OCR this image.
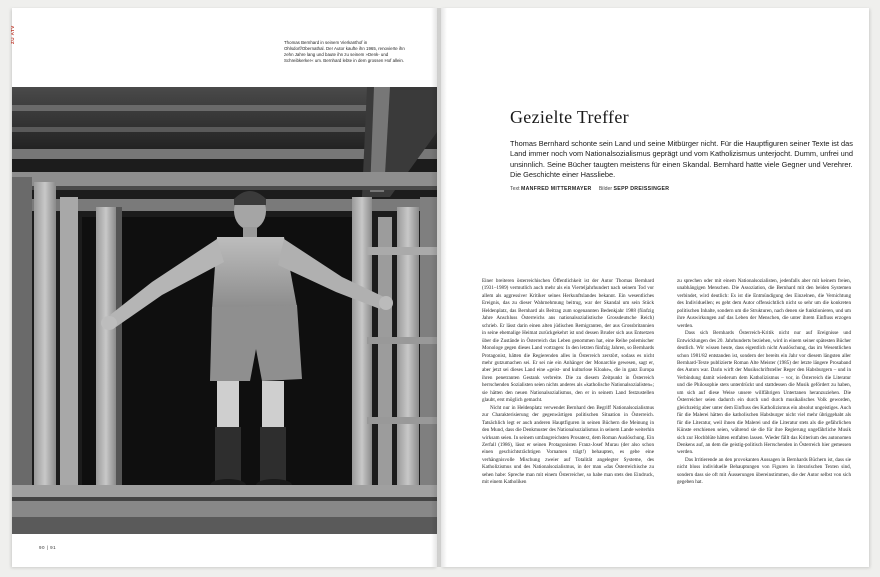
ZU ATV	Thomas Bernhard in seinem Vierkanthof in Ohlsdorf/Obernathal. Der Autor kaufte ihn 1965, renovierte ihn zehn Jahre lang und baute ihn zu seinem »Denk- und Schreibkerker« um. Bernhard lebte in dem grossen Hof allein.
90 | 91
Gezielte Treffer
Thomas Bernhard schonte sein Land und seine Mitbürger nicht. Für die Hauptfiguren seiner Texte ist das Land immer noch vom Nationalsozialismus geprägt und vom Katholizismus unterjocht. Dumm, unfrei und unsinnlich. Seine Bücher taugten meistens für einen Skandal. Bernhard hatte viele Gegner und Verehrer. Die Geschichte einer Hassliebe.
Text MANFRED MITTERMAYER Bilder SEPP DREISSINGER

Einer breiteren österreichischen Öffentlichkeit ist der Autor Thomas Bernhard (1931–1989) vermutlich auch mehr als ein Vierteljahrhundert nach seinem Tod vor allem als aggressiver Kritiker seines Herkunftslandes bekannt. Ein wesentliches Ereignis, das zu dieser Wahrnehmung beitrug, war der Skandal um sein Stück Heldenplatz, das Bernhard als Beitrag zum sogenannten Bedenkjahr 1988 (fünfzig Jahre Anschluss Österreichs ans nationalsozialistische Grossdeutsche Reich) schrieb. Er lässt darin einen alten jüdischen Remigranten, der aus Grossbritannien in seine ehemalige Heimat zurückgekehrt ist und dessen Bruder sich aus Entsetzen über die Zustände in Österreich das Leben genommen hat, eine Reihe polemischer Monologe gegen dieses Land vortragen: In den letzten fünfzig Jahren, so Bernhards Protagonist, hätten die Regierenden alles in Österreich zerstört, sodass es nicht mehr gutzumachen sei. Er sei nie ein Anhänger der Monarchie gewesen, sagt er, aber jetzt sei dieses Land eine »geist- und kulturlose Kloake«, die in ganz Europa ihren penetranten Gestank verbreite. Die zu diesem Zeitpunkt in Österreich herrschenden Sozialisten seien nichts anderes als »katholische Nationalsozialisten«; sie hätten den neuen Nationalsozialismus, den er in seinem Land festzustellen glaubt, erst möglich gemacht.

Nicht nur in Heldenplatz verwendet Bernhard den Begriff Nationalsozialismus zur Charakterisierung der gegenwärtigen politischen Situation in Österreich. Tatsächlich legt er auch anderen Hauptfiguren in seinen Büchern die Meinung in den Mund, dass die Denkmuster des Nationalsozialismus in seinem Lande weiterhin wirksam seien. In seinem umfangreichsten Prosatext, dem Roman Auslöschung. Ein Zerfall (1986), lässt er seinen Protagonisten Franz-Josef Murau (der also schon einen geschichtsträchtigen Vornamen trägt!) behaupten, es gebe eine verhängnisvolle Mischung zweier auf Totalität angelegter Systeme, des Katholizismus und des Nationalsozialismus, in der man »das Österreichische zu sehen habe: Spreche man mit einem Österreicher, so habe man stets den Eindruck, mit einem Katholiken

zu sprechen oder mit einem Nationalsozialisten, jedenfalls aber mit keinem freien, unabhängigen Menschen. Die Assoziation, die Bernhard mit den beiden Systemen verbindet, wird deutlich: Es ist die Entmündigung des Einzelnen, die Vernichtung des Individuellen; es geht dem Autor offensichtlich nicht so sehr um die konkreten politischen Inhalte, sondern um die Strukturen, nach denen sie funktionieren, und um ihre Auswirkungen auf das Leben der Menschen, die unter ihrem Einfluss erzogen werden.

Dass sich Bernhards Österreich-Kritik nicht nur auf Ereignisse und Entwicklungen des 20. Jahrhunderts beziehen, wird in einem seiner spätesten Bücher deutlich. Wir wissen heute, dass eigentlich nicht Auslöschung, das im Wesentlichen schon 1981/82 entstanden ist, sondern der bereits ein Jahr vor diesem längsten aller Bernhard-Texte publizierte Roman Alte Meister (1985) der letzte längere Prosaband des Autors war. Darin wirft der Musikschriftsteller Reger den Habsburgern – und in Verbindung damit wiederum dem Katholizismus – vor, in Österreich die Literatur und die Philosophie stets unterdrückt und stattdessen die Musik gefördert zu haben, um sich auf diese Weise unsere willfährigen Untertanen heranzuziehen. Die Österreicher seien dadurch ein durch und durch musikalisches Volk geworden, gleichzeitig aber unter dem Einfluss des Katholizismus ein absolut ungeistiges. Auch für die Malerei hätten die katholischen Habsburger nicht viel mehr übriggehabt als für die Literatur, weil ihnen die Malerei und die Literatur stets als die gefährlichen Künste erschienen seien, während sie die für ihre Regierung ungefährliche Musik sich zur Hochblüte hätten entfalten lassen. Wieder fällt das Kriterium des autonomen Denkens auf, an dem die geistig-politisch Herrschenden in Österreich hier gemessen werden.

Das Irritierende an den provokanten Aussagen in Bernhards Büchern ist, dass sie nicht bloss individuelle Behauptungen von Figuren in literarischen Texten sind, sondern dass sie oft mit Äusserungen übereinstimmen, die der Autor selbst von sich gegeben hat.
